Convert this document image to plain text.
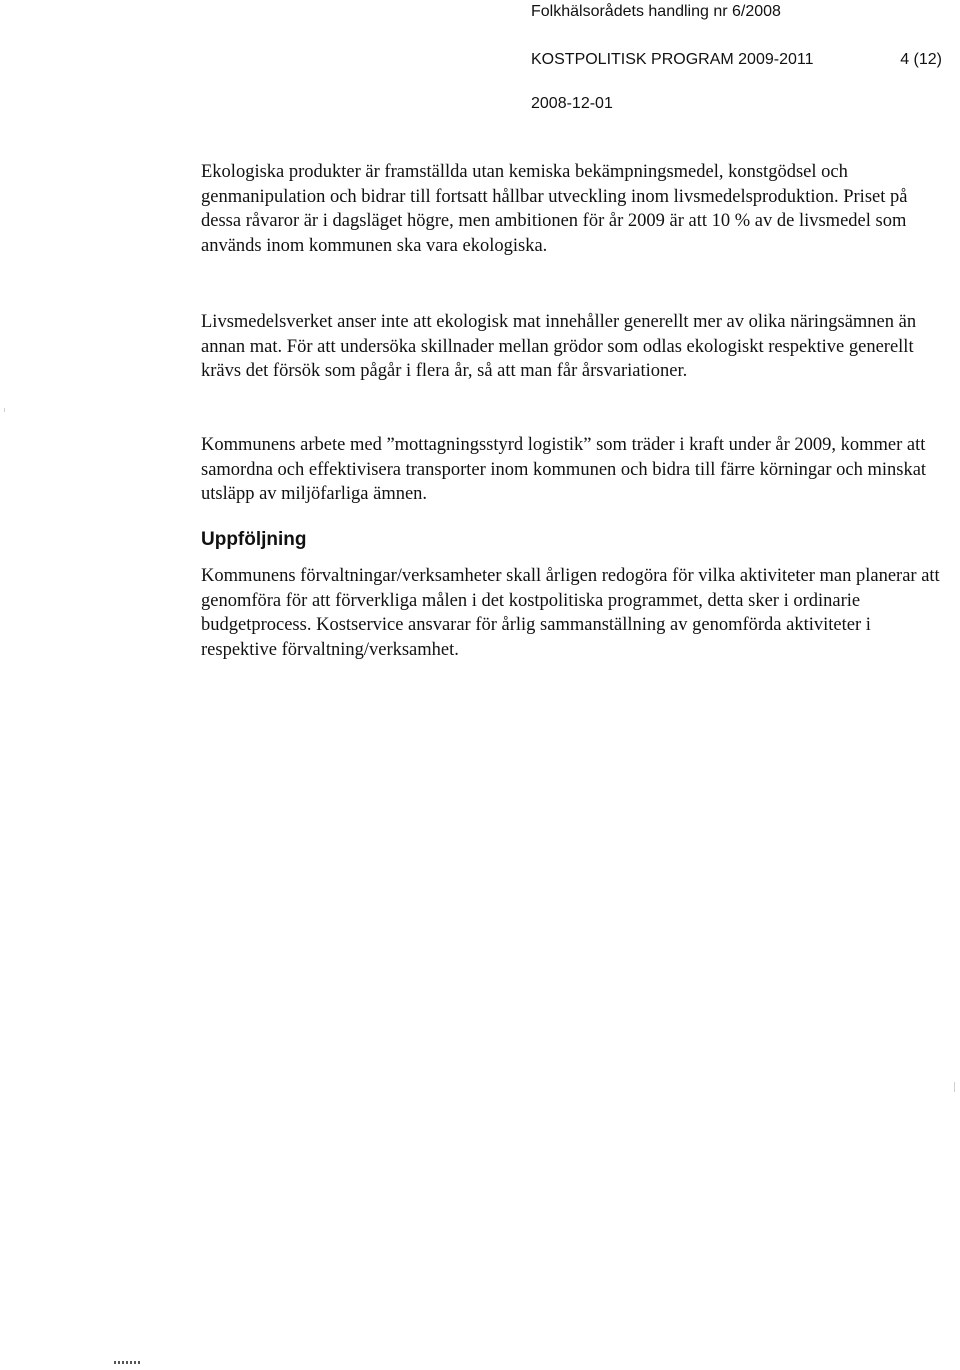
Folkhälsorådets handling nr 6/2008
KOSTPOLITISK PROGRAM 2009-2011	4 (12)
2008-12-01

Ekologiska produkter är framställda utan kemiska bekämpningsmedel, konstgödsel och genmanipulation och bidrar till fortsatt hållbar utveckling inom livsmedelsproduktion. Priset på dessa råvaror är i dagsläget högre, men ambitionen för år 2009 är att 10 % av de livsmedel som används inom kommunen ska vara ekologiska.

Livsmedelsverket anser inte att ekologisk mat innehåller generellt mer av olika näringsämnen än annan mat. För att undersöka skillnader mellan grödor som odlas ekologiskt respektive generellt krävs det försök som pågår i flera år, så att man får årsvariationer.

Kommunens arbete med ”mottagningsstyrd logistik” som träder i kraft under år 2009, kommer att samordna och effektivisera transporter inom kommunen och bidra till färre körningar och minskat utsläpp av miljöfarliga ämnen.

Uppföljning

Kommunens förvaltningar/verksamheter skall årligen redogöra för vilka aktiviteter man planerar att genomföra för att förverkliga målen i det kostpolitiska programmet, detta sker i ordinarie budgetprocess. Kostservice ansvarar för årlig sammanställning av genomförda aktiviteter i respektive förvaltning/verksamhet.
